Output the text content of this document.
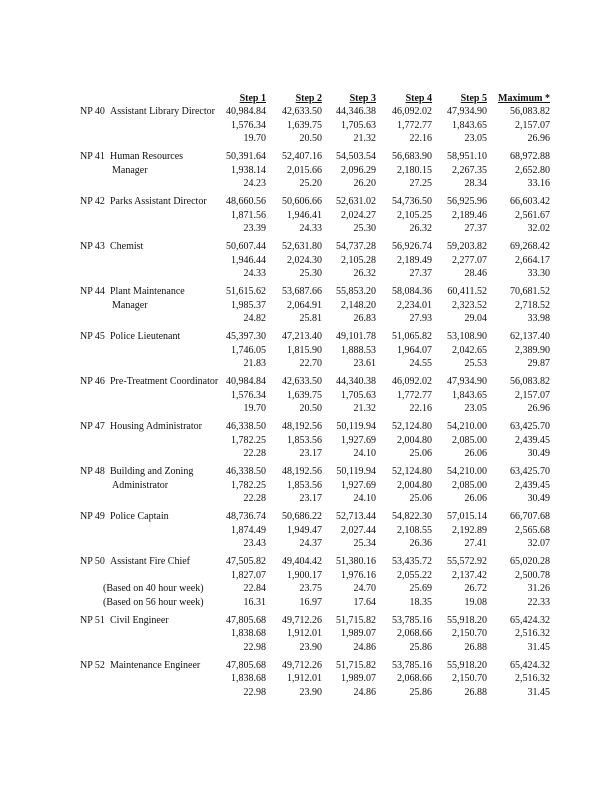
Step 1	Step 2	Step 3	Step 4	Step 5	Maximum *
NP 40 Assistant Library Director	40,984.84	42,633.50	44,346.38	46,092.02	47,934.90	56,083.82
1,576.34	1,639.75	1,705.63	1,772.77	1,843.65	2,157.07
19.70	20.50	21.32	22.16	23.05	26.96
NP 41 Human Resources	50,391.64	52,407.16	54,503.54	56,683.90	58,951.10	68,972.88
Manager	1,938.14	2,015.66	2,096.29	2,180.15	2,267.35	2,652.80
24.23	25.20	26.20	27.25	28.34	33.16
NP 42 Parks Assistant Director	48,660.56	50,606.66	52,631.02	54,736.50	56,925.96	66,603.42
1,871.56	1,946.41	2,024.27	2,105.25	2,189.46	2,561.67
23.39	24.33	25.30	26.32	27.37	32.02
NP 43 Chemist	50,607.44	52,631.80	54,737.28	56,926.74	59,203.82	69,268.42
1,946.44	2,024.30	2,105.28	2,189.49	2,277.07	2,664.17
24.33	25.30	26.32	27.37	28.46	33.30
NP 44 Plant Maintenance	51,615.62	53,687.66	55,853.20	58,084.36	60,411.52	70,681.52
Manager	1,985.37	2,064.91	2,148.20	2,234.01	2,323.52	2,718.52
24.82	25.81	26.83	27.93	29.04	33.98
NP 45 Police Lieutenant	45,397.30	47,213.40	49,101.78	51,065.82	53,108.90	62,137.40
1,746.05	1,815.90	1,888.53	1,964.07	2,042.65	2,389.90
21.83	22.70	23.61	24.55	25.53	29.87
NP 46 Pre-Treatment Coordinator 40,984.84	42,633.50	44,340.38	46,092.02	47,934.90	56,083.82
1,576.34	1,639.75	1,705.63	1,772.77	1,843.65	2,157.07
19.70	20.50	21.32	22.16	23.05	26.96
NP 47 Housing Administrator	46,338.50	48,192.56	50,119.94	52,124.80	54,210.00	63,425.70
1,782.25	1,853.56	1,927.69	2,004.80	2,085.00	2,439.45
22.28	23.17	24.10	25.06	26.06	30.49
NP 48 Building and Zoning	46,338.50	48,192.56	50,119.94	52,124.80	54,210.00	63,425.70
Administrator	1,782.25	1,853.56	1,927.69	2,004.80	2,085.00	2,439.45
22.28	23.17	24.10	25.06	26.06	30.49
NP 49 Police Captain	48,736.74	50,686.22	52,713.44	54,822.30	57,015.14	66,707.68
1,874.49	1,949.47	2,027.44	2,108.55	2,192.89	2,565.68
23.43	24.37	25.34	26.36	27.41	32.07
NP 50 Assistant Fire Chief	47,505.82	49,404.42	51,380.16	53,435.72	55,572.92	65,020.28
1,827.07	1,900.17	1,976.16	2,055.22	2,137.42	2,500.78
(Based on 40 hour week)	22.84	23.75	24.70	25.69	26.72	31.26
(Based on 56 hour week)	16.31	16.97	17.64	18.35	19.08	22.33
NP 51 Civil Engineer	47,805.68	49,712.26	51,715.82	53,785.16	55,918.20	65,424.32
1,838.68	1,912.01	1,989.07	2,068.66	2,150.70	2,516.32
22.98	23.90	24.86	25.86	26.88	31.45
NP 52 Maintenance Engineer	47,805.68	49,712.26	51,715.82	53,785.16	55,918.20	65,424.32
1,838.68	1,912.01	1,989.07	2,068.66	2,150.70	2,516.32
22.98	23.90	24.86	25.86	26.88	31.45
